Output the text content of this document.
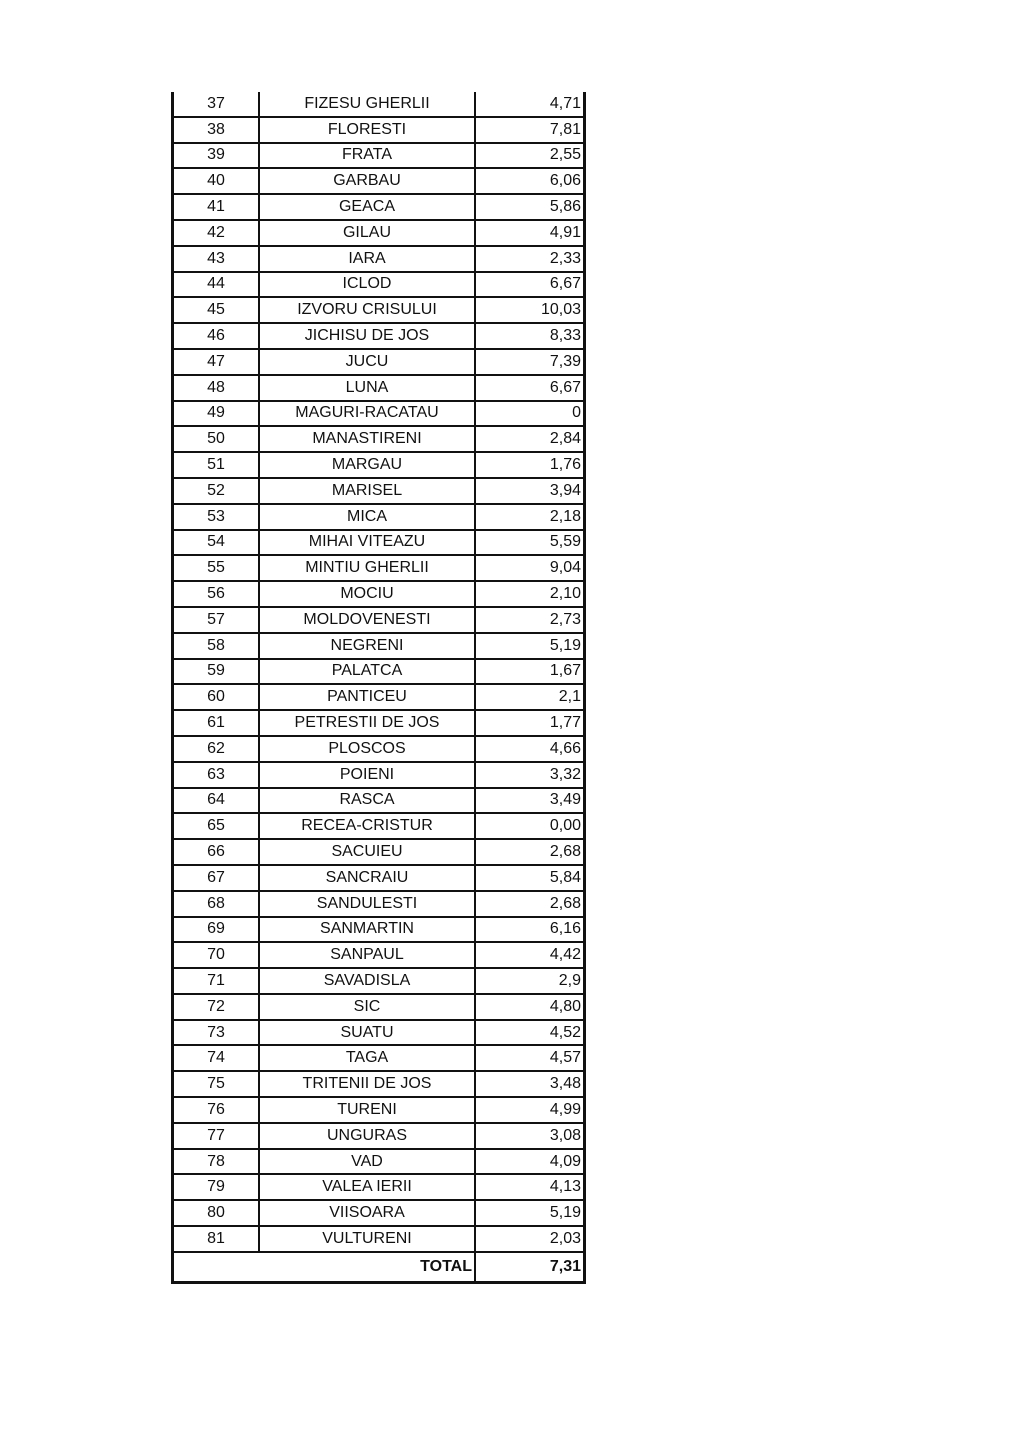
37	FIZESU GHERLII	4,71
38	FLORESTI	7,81
39	FRATA	2,55
40	GARBAU	6,06
41	GEACA	5,86
42	GILAU	4,91
43	IARA	2,33
44	ICLOD	6,67
45	IZVORU CRISULUI	10,03
46	JICHISU DE JOS	8,33
47	JUCU	7,39
48	LUNA	6,67
49	MAGURI-RACATAU	0
50	MANASTIRENI	2,84
51	MARGAU	1,76
52	MARISEL	3,94
53	MICA	2,18
54	MIHAI VITEAZU	5,59
55	MINTIU GHERLII	9,04
56	MOCIU	2,10
57	MOLDOVENESTI	2,73
58	NEGRENI	5,19
59	PALATCA	1,67
60	PANTICEU	2,1
61	PETRESTII DE JOS	1,77
62	PLOSCOS	4,66
63	POIENI	3,32
64	RASCA	3,49
65	RECEA-CRISTUR	0,00
66	SACUIEU	2,68
67	SANCRAIU	5,84
68	SANDULESTI	2,68
69	SANMARTIN	6,16
70	SANPAUL	4,42
71	SAVADISLA	2,9
72	SIC	4,80
73	SUATU	4,52
74	TAGA	4,57
75	TRITENII DE JOS	3,48
76	TURENI	4,99
77	UNGURAS	3,08
78	VAD	4,09
79	VALEA IERII	4,13
80	VIISOARA	5,19
81	VULTURENI	2,03
TOTAL	7,31
